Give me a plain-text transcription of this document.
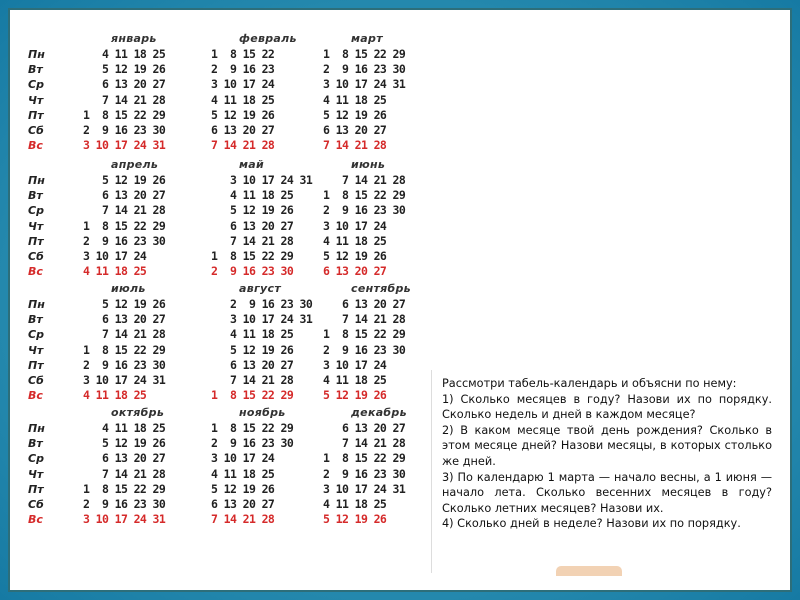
Пн
Вт
Ср
Чт
Пт
Сб
Вс
январь
4 11 18 25
5 12 19 26
6 13 20 27
7 14 21 28
1  8 15 22 29
2  9 16 23 30
3 10 17 24 31
февраль
1  8 15 22
2  9 16 23
3 10 17 24
4 11 18 25
5 12 19 26
6 13 20 27
7 14 21 28
март
1  8 15 22 29
2  9 16 23 30
3 10 17 24 31
4 11 18 25
5 12 19 26
6 13 20 27
7 14 21 28
Пн
Вт
Ср
Чт
Пт
Сб
Вс
апрель
5 12 19 26
6 13 20 27
7 14 21 28
1  8 15 22 29
2  9 16 23 30
3 10 17 24
4 11 18 25
май
3 10 17 24 31
4 11 18 25
5 12 19 26
6 13 20 27
7 14 21 28
1  8 15 22 29
2  9 16 23 30
июнь
7 14 21 28
1  8 15 22 29
2  9 16 23 30
3 10 17 24
4 11 18 25
5 12 19 26
6 13 20 27
Пн
Вт
Ср
Чт
Пт
Сб
Вс
июль
5 12 19 26
6 13 20 27
7 14 21 28
1  8 15 22 29
2  9 16 23 30
3 10 17 24 31
4 11 18 25
август
2  9 16 23 30
3 10 17 24 31
4 11 18 25
5 12 19 26
6 13 20 27
7 14 21 28
1  8 15 22 29
сентябрь
6 13 20 27
7 14 21 28
1  8 15 22 29
2  9 16 23 30
3 10 17 24
4 11 18 25
5 12 19 26
Пн
Вт
Ср
Чт
Пт
Сб
Вс
октябрь
4 11 18 25
5 12 19 26
6 13 20 27
7 14 21 28
1  8 15 22 29
2  9 16 23 30
3 10 17 24 31
ноябрь
1  8 15 22 29
2  9 16 23 30
3 10 17 24
4 11 18 25
5 12 19 26
6 13 20 27
7 14 21 28
декабрь
6 13 20 27
7 14 21 28
1  8 15 22 29
2  9 16 23 30
3 10 17 24 31
4 11 18 25
5 12 19 26

Рассмотри табель-календарь и объясни по нему:

1) Сколько месяцев в году? Назови их по порядку. Сколько недель и дней в каждом месяце?

2) В каком месяце твой день рождения? Сколько в этом месяце дней? Назови месяцы, в которых столько же дней.

3) По календарю 1 марта — начало весны, а 1 июня — начало лета. Сколько весенних месяцев в году? Сколько летних месяцев? Назови их.

4) Сколько дней в неделе? Назови их по порядку.
